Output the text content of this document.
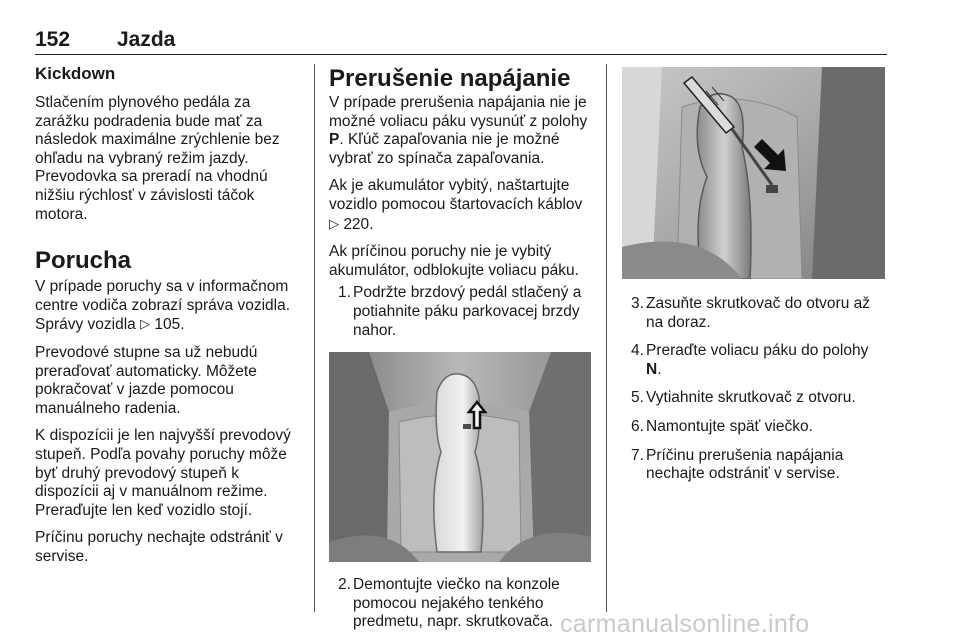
152 Jazda
Kickdown

Stlačením plynového pedála za zarážku podradenia bude mať za následok maximálne zrýchlenie bez ohľadu na vybraný režim jazdy. Prevodovka sa preradí na vhodnú nižšiu rýchlosť v závislosti táčok motora.

Porucha

V prípade poruchy sa v informačnom centre vodiča zobrazí správa vozidla. Správy vozidla ▷ 105.

Prevodové stupne sa už nebudú preraďovať automaticky. Môžete pokračovať v jazde pomocou manuálneho radenia.

K dispozícii je len najvyšší prevodový stupeň. Podľa povahy poruchy môže byť druhý prevodový stupeň k dispozícii aj v manuálnom režime. Preraďujte len keď vozidlo stojí.

Príčinu poruchy nechajte odstrániť v servise.

Prerušenie napájanie

V prípade prerušenia napájania nie je možné voliacu páku vysunúť z polohy P. Kľúč zapaľovania nie je možné vybrať zo spínača zapaľovania.

Ak je akumulátor vybitý, naštartujte vozidlo pomocou štartovacích káblov ▷ 220.

Ak príčinou poruchy nie je vybitý akumulátor, odblokujte voliacu páku.

1. Podržte brzdový pedál stlačený a potiahnite páku parkovacej brzdy nahor.
2. Demontujte viečko na konzole pomocou nejakého tenkého predmetu, napr. skrutkovača.
3. Zasuňte skrutkovač do otvoru až na doraz.
4. Preraďte voliacu páku do polohy N.
5. Vytiahnite skrutkovač z otvoru.
6. Namontujte späť viečko.
7. Príčinu prerušenia napájania nechajte odstrániť v servise.
carmanualsonline.info
